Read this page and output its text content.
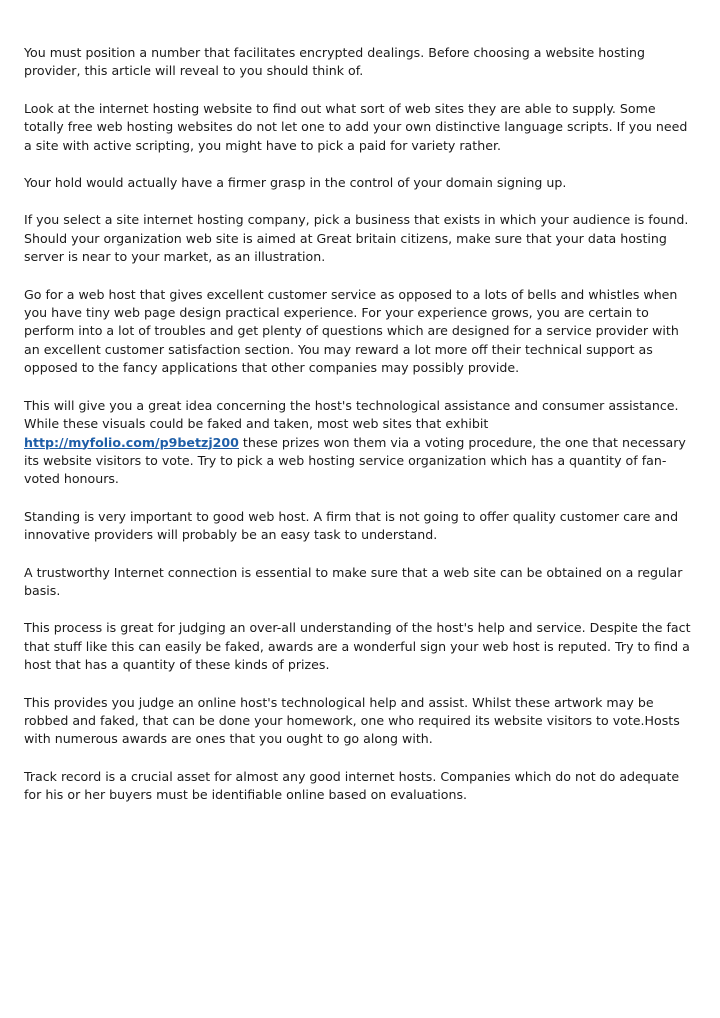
You must position a number that facilitates encrypted dealings. Before choosing a website hosting provider, this article will reveal to you should think of.

Look at the internet hosting website to find out what sort of web sites they are able to supply. Some totally free web hosting websites do not let one to add your own distinctive language scripts. If you need a site with active scripting, you might have to pick a paid for variety rather.

Your hold would actually have a firmer grasp in the control of your domain signing up.

If you select a site internet hosting company, pick a business that exists in which your audience is found. Should your organization web site is aimed at Great britain citizens, make sure that your data hosting server is near to your market, as an illustration.

Go for a web host that gives excellent customer service as opposed to a lots of bells and whistles when you have tiny web page design practical experience. For your experience grows, you are certain to perform into a lot of troubles and get plenty of questions which are designed for a service provider with an excellent customer satisfaction section. You may reward a lot more off their technical support as opposed to the fancy applications that other companies may possibly provide.

This will give you a great idea concerning the host's technological assistance and consumer assistance. While these visuals could be faked and taken, most web sites that exhibit http://myfolio.com/p9betzj200 these prizes won them via a voting procedure, the one that necessary its website visitors to vote. Try to pick a web hosting service organization which has a quantity of fan-voted honours.

Standing is very important to good web host. A firm that is not going to offer quality customer care and innovative providers will probably be an easy task to understand.

A trustworthy Internet connection is essential to make sure that a web site can be obtained on a regular basis.

This process is great for judging an over-all understanding of the host's help and service. Despite the fact that stuff like this can easily be faked, awards are a wonderful sign your web host is reputed. Try to find a host that has a quantity of these kinds of prizes.

This provides you judge an online host's technological help and assist. Whilst these artwork may be robbed and faked, that can be done your homework, one who required its website visitors to vote.Hosts with numerous awards are ones that you ought to go along with.

Track record is a crucial asset for almost any good internet hosts. Companies which do not do adequate for his or her buyers must be identifiable online based on evaluations.
